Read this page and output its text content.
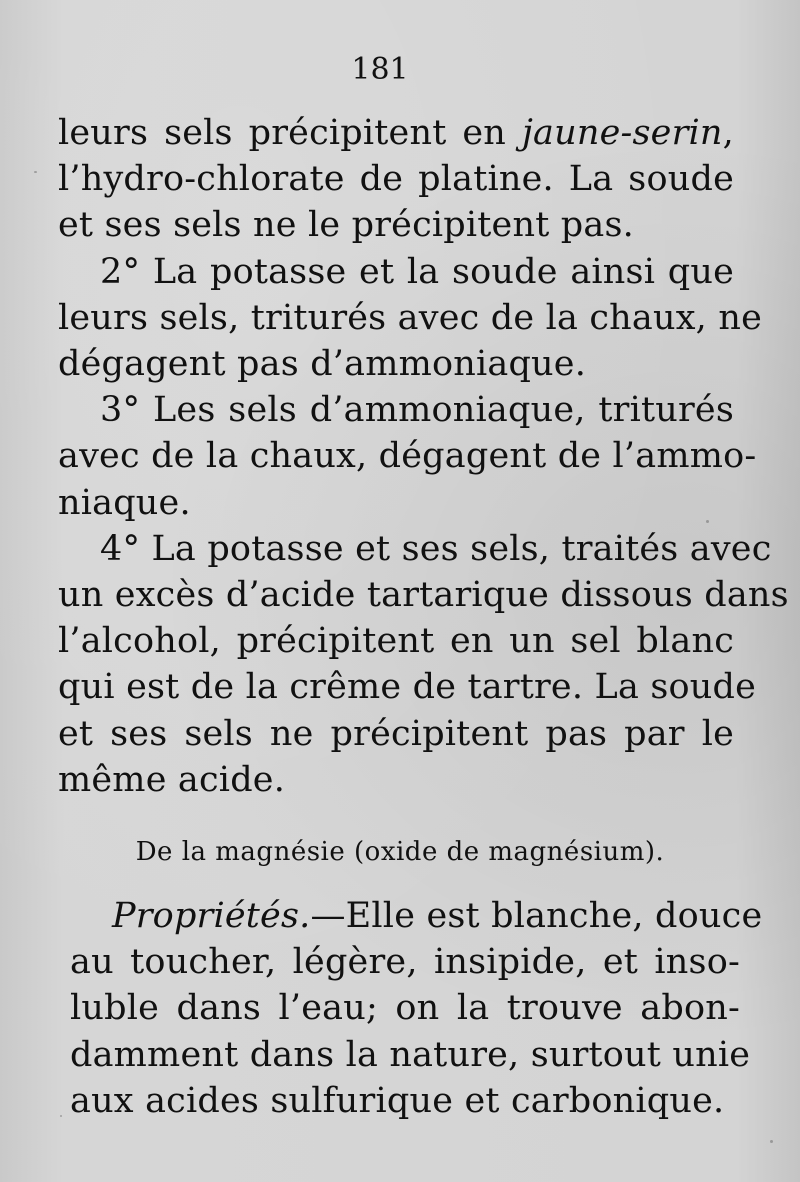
181
leurs sels précipitent en jaune-serin,
l’hydro-chlorate de platine. La soude
et ses sels ne le précipitent pas.
2° La potasse et la soude ainsi que
leurs sels, triturés avec de la chaux, ne
dégagent pas d’ammoniaque.
3° Les sels d’ammoniaque, triturés
avec de la chaux, dégagent de l’ammo-
niaque.
4° La potasse et ses sels, traités avec
un excès d’acide tartarique dissous dans
l’alcohol, précipitent en un sel blanc
qui est de la crême de tartre. La soude
et ses sels ne précipitent pas par le
même acide.
De la magnésie (oxide de magnésium).
Propriétés.—Elle est blanche, douce
au toucher, légère, insipide, et inso-
luble dans l’eau; on la trouve abon-
damment dans la nature, surtout unie
aux acides sulfurique et carbonique.
